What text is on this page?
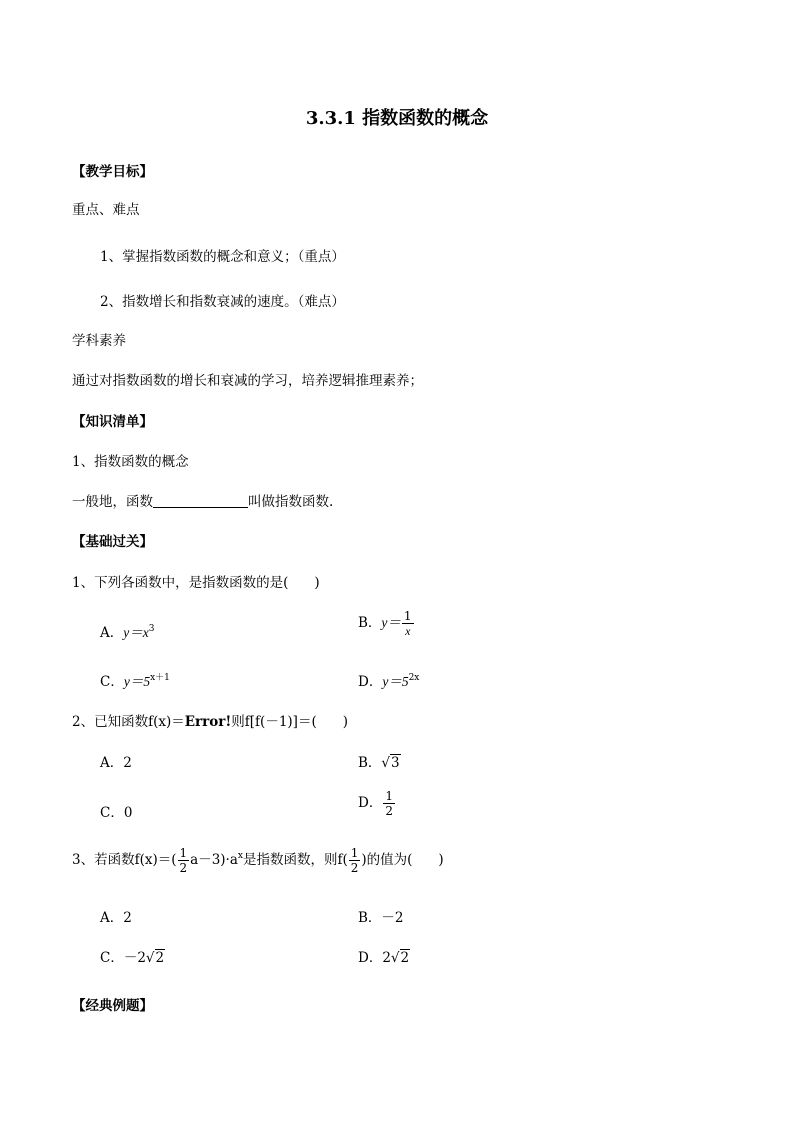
3.3.1 指数函数的概念
【教学目标】
重点、难点
1、掌握指数函数的概念和意义；（重点）
2、指数增长和指数衰减的速度。（难点）
学科素养
通过对指数函数的增长和衰减的学习，培养逻辑推理素养；
【知识清单】
1、指数函数的概念
一般地，函数	叫做指数函数.
【基础过关】
1、下列各函数中，是指数函数的是( )
A．$y=x^3$	B．$y= \frac{1}{x}$
C．$y=5^{x+1}$	D．$y=5^{2x}$
2、已知函数f(x)＝Error!则f[f(－1)]＝( )
A．2	B．√3
C．0
D． $\frac{1}{2}$
3、若函数$f(x)=( \frac{1}{2} a-3)\cdot a^x$是指数函数，则$f( \frac{1}{2}$ )的值为( )
A．2	B．－2
C．－2√2	D．2√2
【经典例题】
